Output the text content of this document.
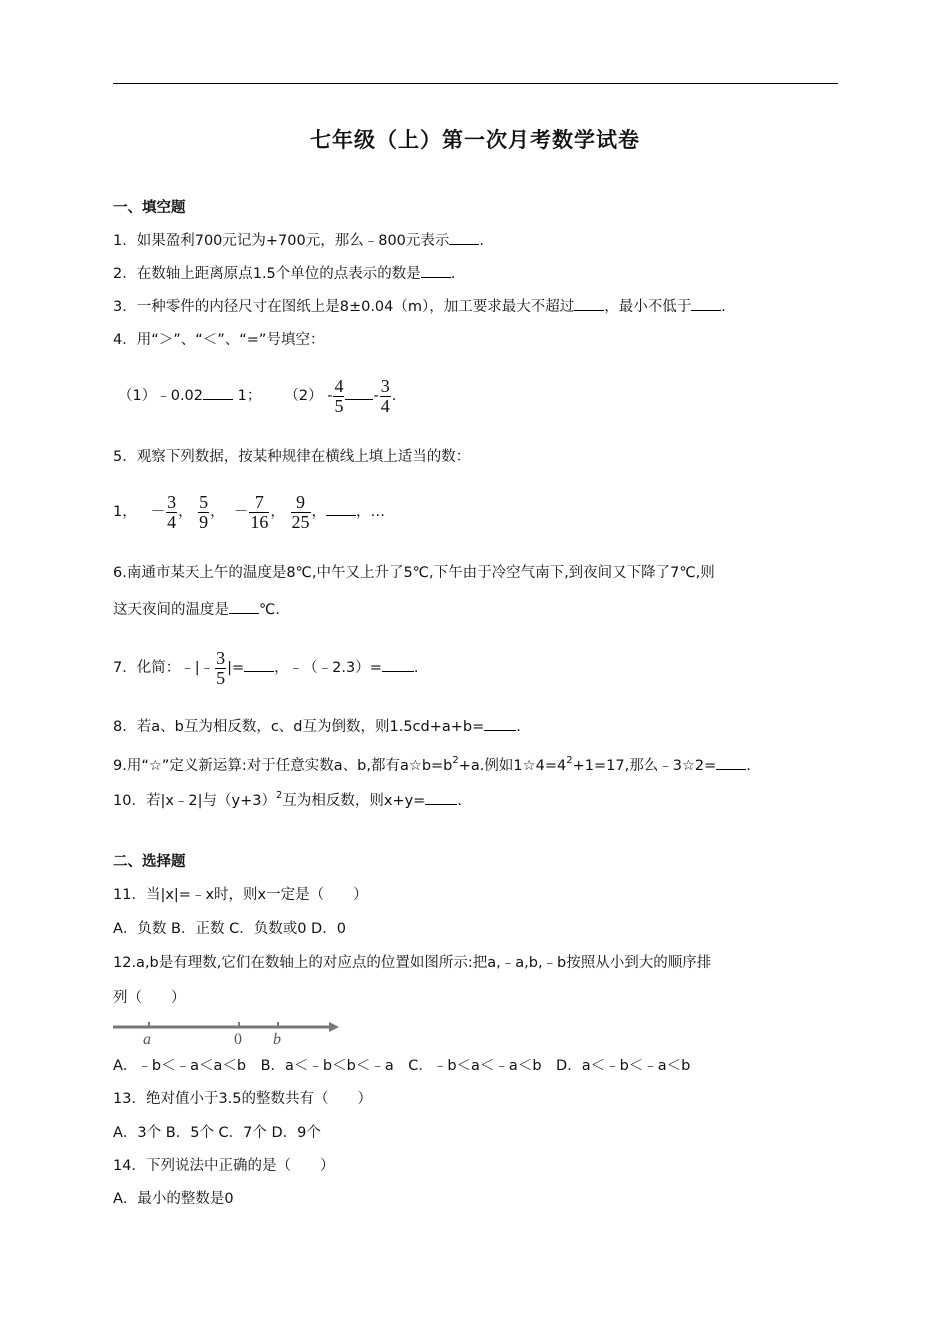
七年级（上）第一次月考数学试卷
一、填空题
1．如果盈利700元记为+700元，那么﹣800元表示 .
2．在数轴上距离原点1.5个单位的点表示的数是 .
3．一种零件的内径尺寸在图纸上是8±0.04（m），加工要求最大不超过 ，最小不低于 .
4．用“＞”、“＜”、“=”号填空：
（1）﹣0.02 1； $(2) - \frac{4}{5} - \frac{3}{4}$ .
5．观察下列数据，按某种规律在横线上填上适当的数：
1， － $\frac{3}{4}$ ， $\frac{5}{9}$ ， － $\frac{7}{16}$ ， $\frac{9}{25}$ ， ，…
6.南通市某天上午的温度是8℃,中午又上升了5℃,下午由于冷空气南下,到夜间又下降了7℃,则
这天夜间的温度是 ℃.
7．化简：﹣|﹣ $\frac{3}{5}$ |= ，﹣（﹣2.3）= .
8．若a、b互为相反数，c、d互为倒数，则1.5cd+a+b= .
9.用“☆”定义新运算:对于任意实数a、b,都有$a☆b=b^2+a$.例如$1☆4=4^2+1=17$,那么﹣3☆2= .
10．若|x﹣2|与$(y+3)^2$互为相反数，则x+y= .
二、选择题
11．当|x|=﹣x时，则x一定是（　　）
A．负数 B．正数 C．负数或0 D．0
12.a,b是有理数,它们在数轴上的对应点的位置如图所示:把a,﹣a,b,﹣b按照从小到大的顺序排
列（　　）
a	0 b
A．﹣b＜﹣a＜a＜b　B．a＜﹣b＜b＜﹣a　C．﹣b＜a＜﹣a＜b　D．a＜﹣b＜﹣a＜b
13．绝对值小于3.5的整数共有（　　）
A．3个 B．5个 C．7个 D．9个
14．下列说法中正确的是（　　）
A．最小的整数是0
